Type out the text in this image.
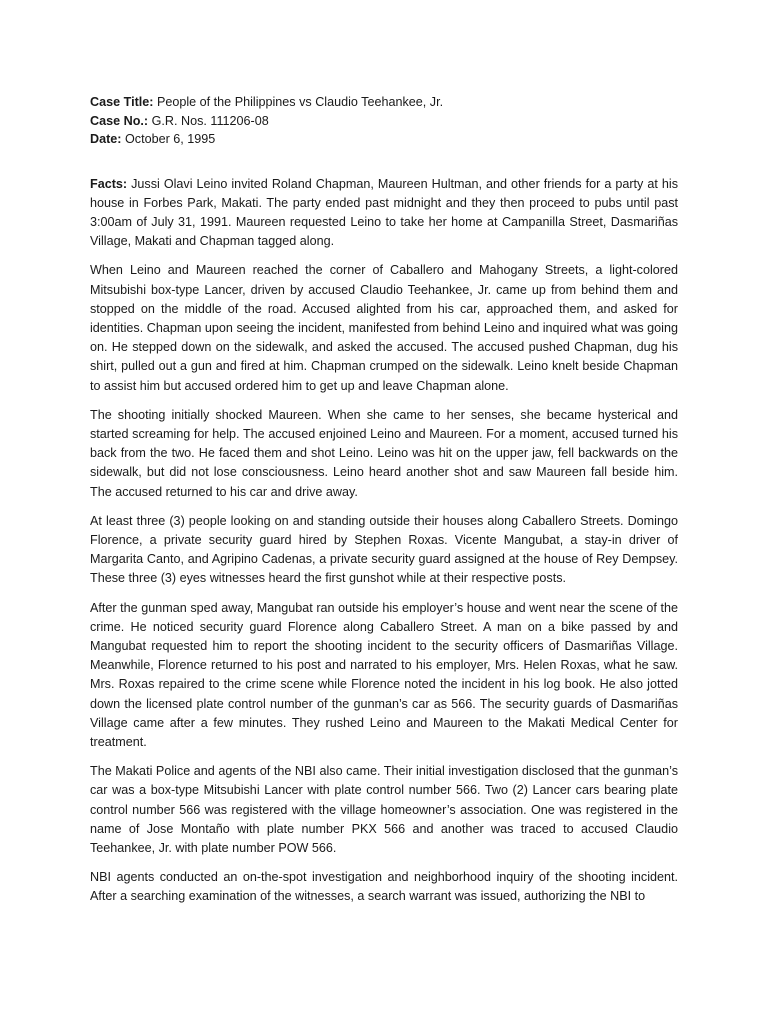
Case Title: People of the Philippines vs Claudio Teehankee, Jr.

Case No.: G.R. Nos. 111206-08

Date: October 6, 1995

Facts: Jussi Olavi Leino invited Roland Chapman, Maureen Hultman, and other friends for a party at his house in Forbes Park, Makati. The party ended past midnight and they then proceed to pubs until past 3:00am of July 31, 1991. Maureen requested Leino to take her home at Campanilla Street, Dasmariñas Village, Makati and Chapman tagged along.

When Leino and Maureen reached the corner of Caballero and Mahogany Streets, a light-colored Mitsubishi box-type Lancer, driven by accused Claudio Teehankee, Jr. came up from behind them and stopped on the middle of the road. Accused alighted from his car, approached them, and asked for identities. Chapman upon seeing the incident, manifested from behind Leino and inquired what was going on. He stepped down on the sidewalk, and asked the accused. The accused pushed Chapman, dug his shirt, pulled out a gun and fired at him. Chapman crumped on the sidewalk. Leino knelt beside Chapman to assist him but accused ordered him to get up and leave Chapman alone.

The shooting initially shocked Maureen. When she came to her senses, she became hysterical and started screaming for help. The accused enjoined Leino and Maureen. For a moment, accused turned his back from the two. He faced them and shot Leino. Leino was hit on the upper jaw, fell backwards on the sidewalk, but did not lose consciousness. Leino heard another shot and saw Maureen fall beside him. The accused returned to his car and drive away.

At least three (3) people looking on and standing outside their houses along Caballero Streets. Domingo Florence, a private security guard hired by Stephen Roxas. Vicente Mangubat, a stay-in driver of Margarita Canto, and Agripino Cadenas, a private security guard assigned at the house of Rey Dempsey. These three (3) eyes witnesses heard the first gunshot while at their respective posts.

After the gunman sped away, Mangubat ran outside his employer’s house and went near the scene of the crime. He noticed security guard Florence along Caballero Street. A man on a bike passed by and Mangubat requested him to report the shooting incident to the security officers of Dasmariñas Village. Meanwhile, Florence returned to his post and narrated to his employer, Mrs. Helen Roxas, what he saw. Mrs. Roxas repaired to the crime scene while Florence noted the incident in his log book. He also jotted down the licensed plate control number of the gunman’s car as 566. The security guards of Dasmariñas Village came after a few minutes. They rushed Leino and Maureen to the Makati Medical Center for treatment.

The Makati Police and agents of the NBI also came. Their initial investigation disclosed that the gunman’s car was a box-type Mitsubishi Lancer with plate control number 566. Two (2) Lancer cars bearing plate control number 566 was registered with the village homeowner’s association. One was registered in the name of Jose Montaño with plate number PKX 566 and another was traced to accused Claudio Teehankee, Jr. with plate number POW 566.

NBI agents conducted an on-the-spot investigation and neighborhood inquiry of the shooting incident. After a searching examination of the witnesses, a search warrant was issued, authorizing the NBI to
